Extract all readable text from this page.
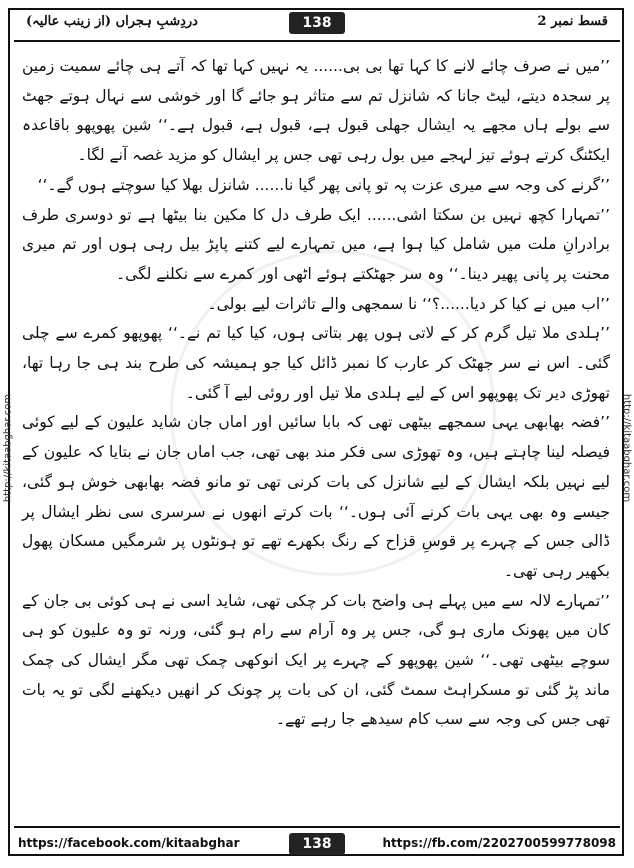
دردِشبِ ہجراں (از زینب عالیہ)	138	قسط نمبر 2
http://kitaabghar.com	http://kitaabghar.com

’’میں نے صرف چائے لانے کا کہا تھا بی بی...... یہ نہیں کہا تھا کہ آتے ہی چائے سمیت زمین پر سجدہ دیتے، لیٹ جانا کہ شانزل تم سے متاثر ہو جائے گا اور خوشی سے نہال ہوتے جھٹ سے بولے ہاں مجھے یہ ایشال جھلی قبول ہے، قبول ہے، قبول ہے۔‘‘ شین پھوپھو باقاعدہ ایکٹنگ کرتے ہوئے تیز لہجے میں بول رہی تھی جس پر ایشال کو مزید غصہ آنے لگا۔

’’گرنے کی وجہ سے میری عزت پہ تو پانی پھر گیا نا...... شانزل بھلا کیا سوچتے ہوں گے۔‘‘

’’تمہارا کچھ نہیں بن سکتا اشی...... ایک طرف دل کا مکین بنا بیٹھا ہے تو دوسری طرف برادرانِ ملت میں شامل کیا ہوا ہے، میں تمہارے لیے کتنے پاپڑ بیل رہی ہوں اور تم میری محنت پر پانی پھیر دینا۔‘‘ وہ سر جھٹکتے ہوئے اٹھی اور کمرے سے نکلنے لگی۔

’’اب میں نے کیا کر دیا......؟‘‘ نا سمجھی والے تاثرات لیے بولی۔

’’ہلدی ملا تیل گرم کر کے لاتی ہوں پھر بتاتی ہوں، کیا کیا تم نے۔‘‘ پھوپھو کمرے سے چلی گئی۔ اس نے سر جھٹک کر عارب کا نمبر ڈائل کیا جو ہمیشہ کی طرح بند ہی جا رہا تھا، تھوڑی دیر تک پھوپھو اس کے لیے ہلدی ملا تیل اور روئی لیے آ گئی۔

’’فضہ بھابھی یہی سمجھے بیٹھی تھی کہ بابا سائیں اور اماں جان شاید علیون کے لیے کوئی فیصلہ لینا چاہتے ہیں، وہ تھوڑی سی فکر مند بھی تھی، جب اماں جان نے بتایا کہ علیون کے لیے نہیں بلکہ ایشال کے لیے شانزل کی بات کرنی تھی تو مانو فضہ بھابھی خوش ہو گئی، جیسے وہ بھی یہی بات کرنے آئی ہوں۔‘‘ بات کرتے انھوں نے سرسری سی نظر ایشال پر ڈالی جس کے چہرے پر قوسِ قزاح کے رنگ بکھرے تھے تو ہونٹوں پر شرمگیں مسکان پھول بکھیر رہی تھی۔

’’تمہارے لالہ سے میں پہلے ہی واضح بات کر چکی تھی، شاید اسی نے ہی کوئی بی جان کے کان میں پھونک ماری ہو گی، جس پر وہ آرام سے رام ہو گئی، ورنہ تو وہ علیون کو ہی سوچے بیٹھی تھی۔‘‘ شین پھوپھو کے چہرے پر ایک انوکھی چمک تھی مگر ایشال کی چمک ماند پڑ گئی تو مسکراہٹ سمٹ گئی، ان کی بات پر چونک کر انھیں دیکھنے لگی تو یہ بات تھی جس کی وجہ سے سب کام سیدھے جا رہے تھے۔

https://facebook.com/kitaabghar	138	https://fb.com/2202700599778098
